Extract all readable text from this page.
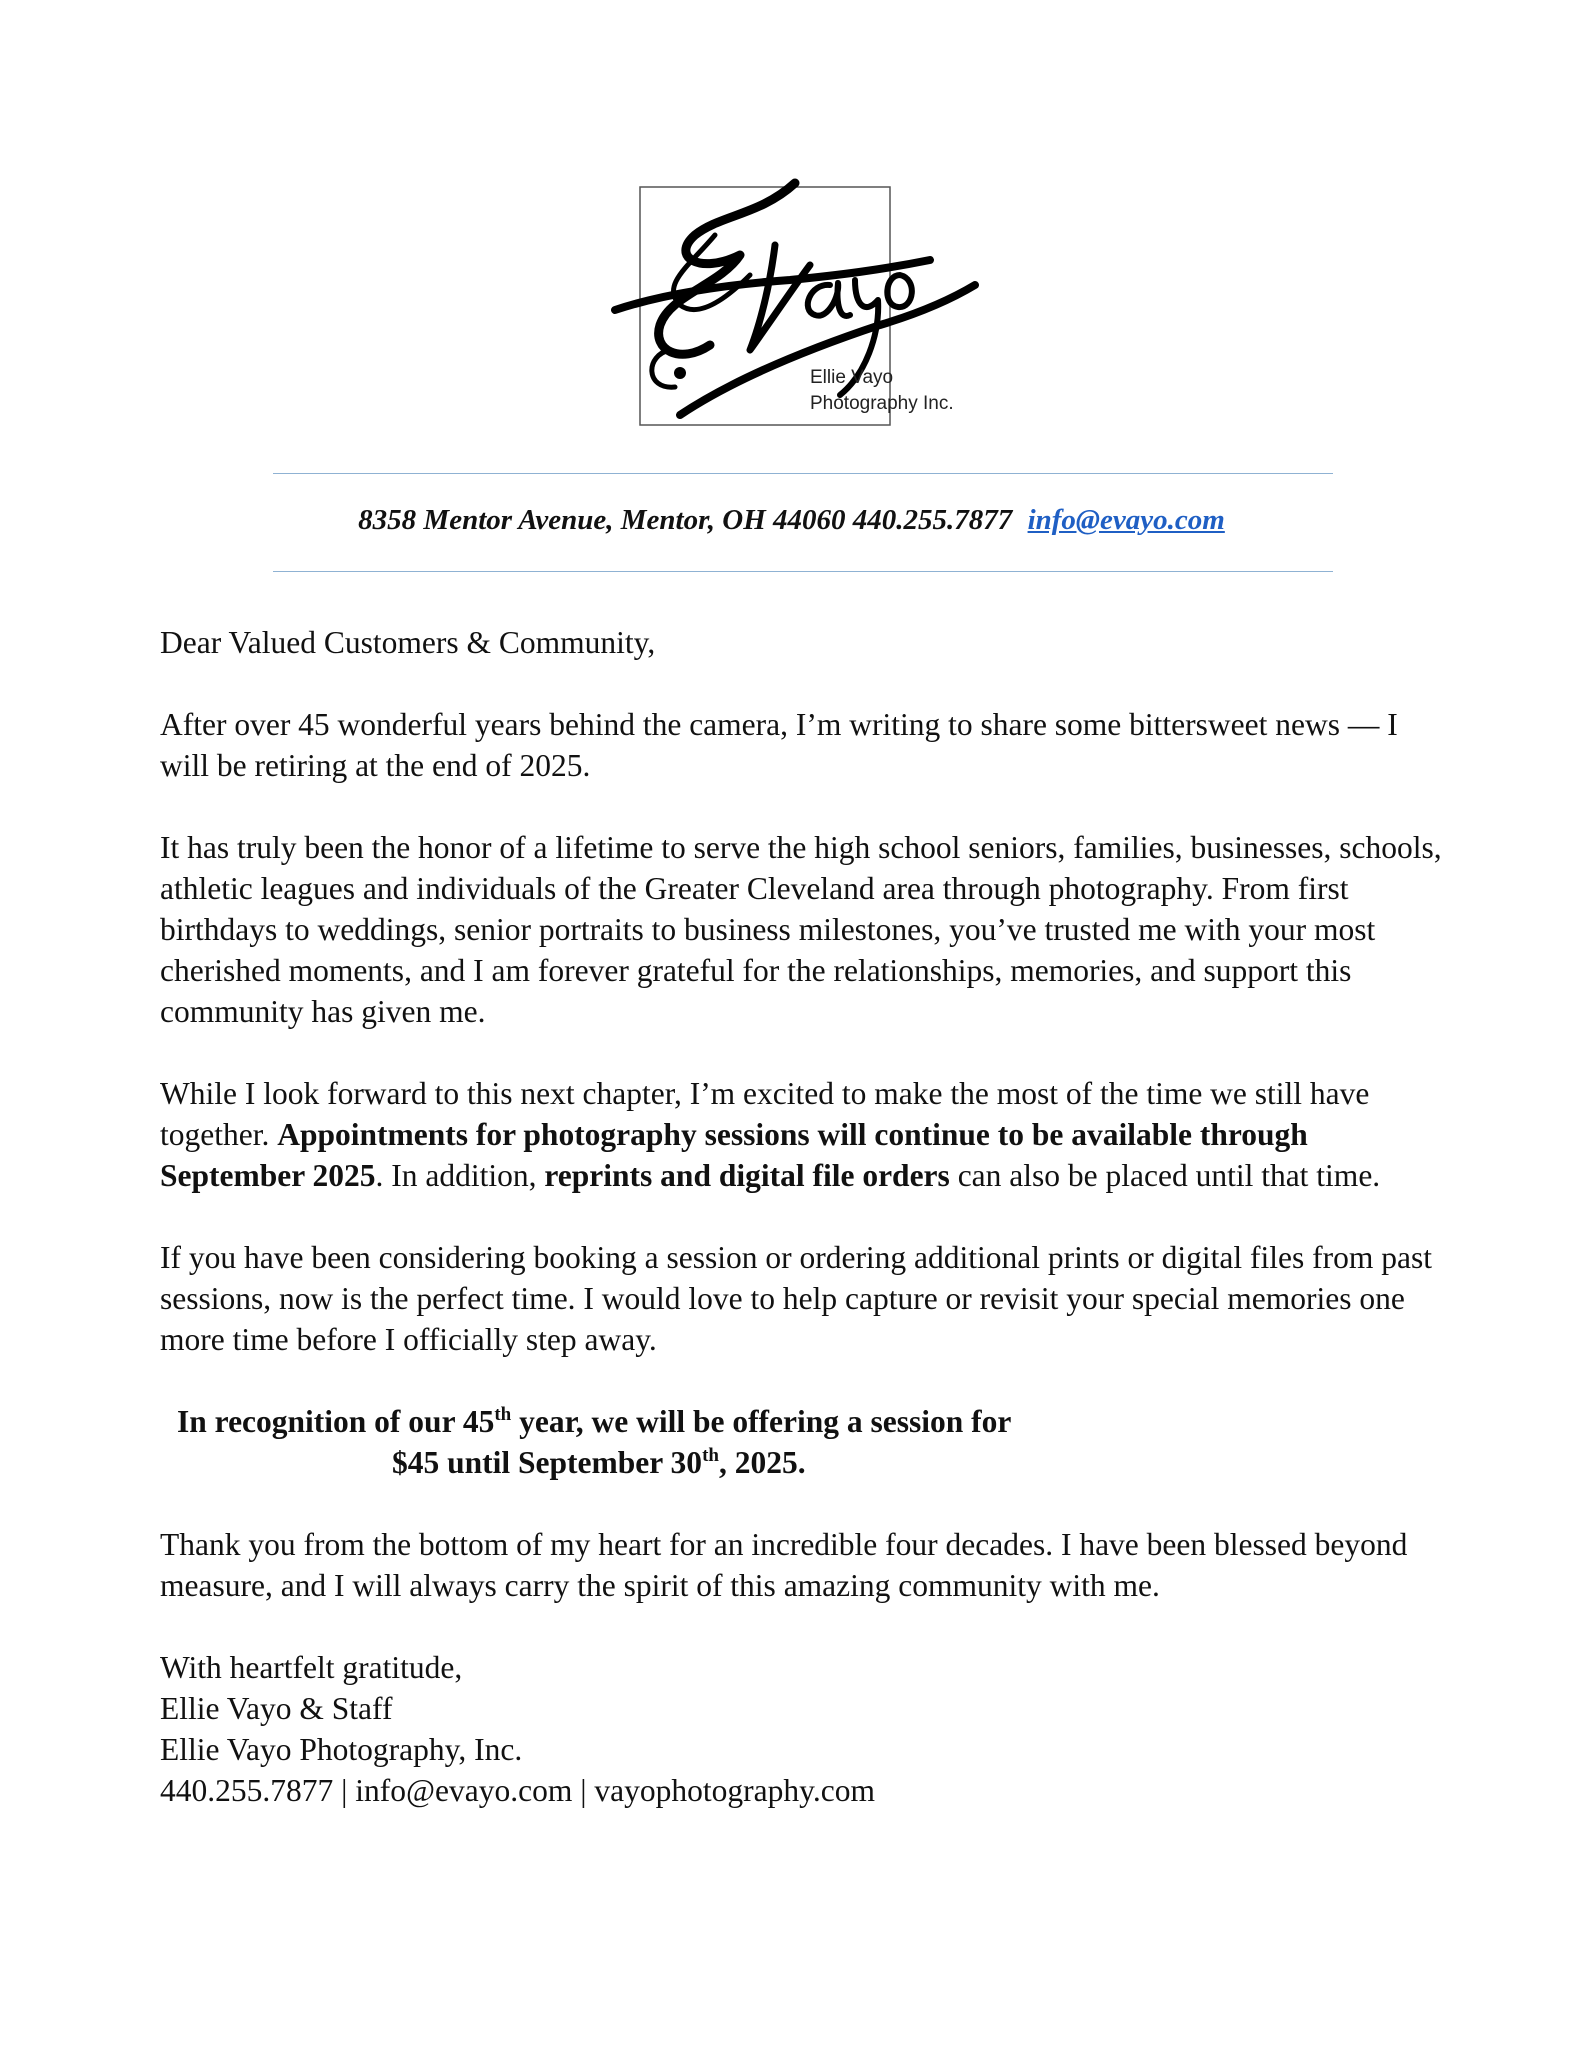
Ellie Vayo
Photography Inc.
8358 Mentor Avenue, Mentor, OH 44060 440.255.7877 info@evayo.com

Dear Valued Customers & Community,

After over 45 wonderful years behind the camera, I’m writing to share some bittersweet news — I will be retiring at the end of 2025.

It has truly been the honor of a lifetime to serve the high school seniors, families, businesses, schools, athletic leagues and individuals of the Greater Cleveland area through photography. From first birthdays to weddings, senior portraits to business milestones, you’ve trusted me with your most cherished moments, and I am forever grateful for the relationships, memories, and support this community has given me.

While I look forward to this next chapter, I’m excited to make the most of the time we still have together. Appointments for photography sessions will continue to be available through September 2025. In addition, reprints and digital file orders can also be placed until that time.

If you have been considering booking a session or ordering additional prints or digital files from past sessions, now is the perfect time. I would love to help capture or revisit your special memories one more time before I officially step away.

In recognition of our 45th year, we will be offering a session for
$45 until September 30th, 2025.

Thank you from the bottom of my heart for an incredible four decades. I have been blessed beyond measure, and I will always carry the spirit of this amazing community with me.

With heartfelt gratitude,

Ellie Vayo & Staff

Ellie Vayo Photography, Inc.

440.255.7877 | info@evayo.com | vayophotography.com
